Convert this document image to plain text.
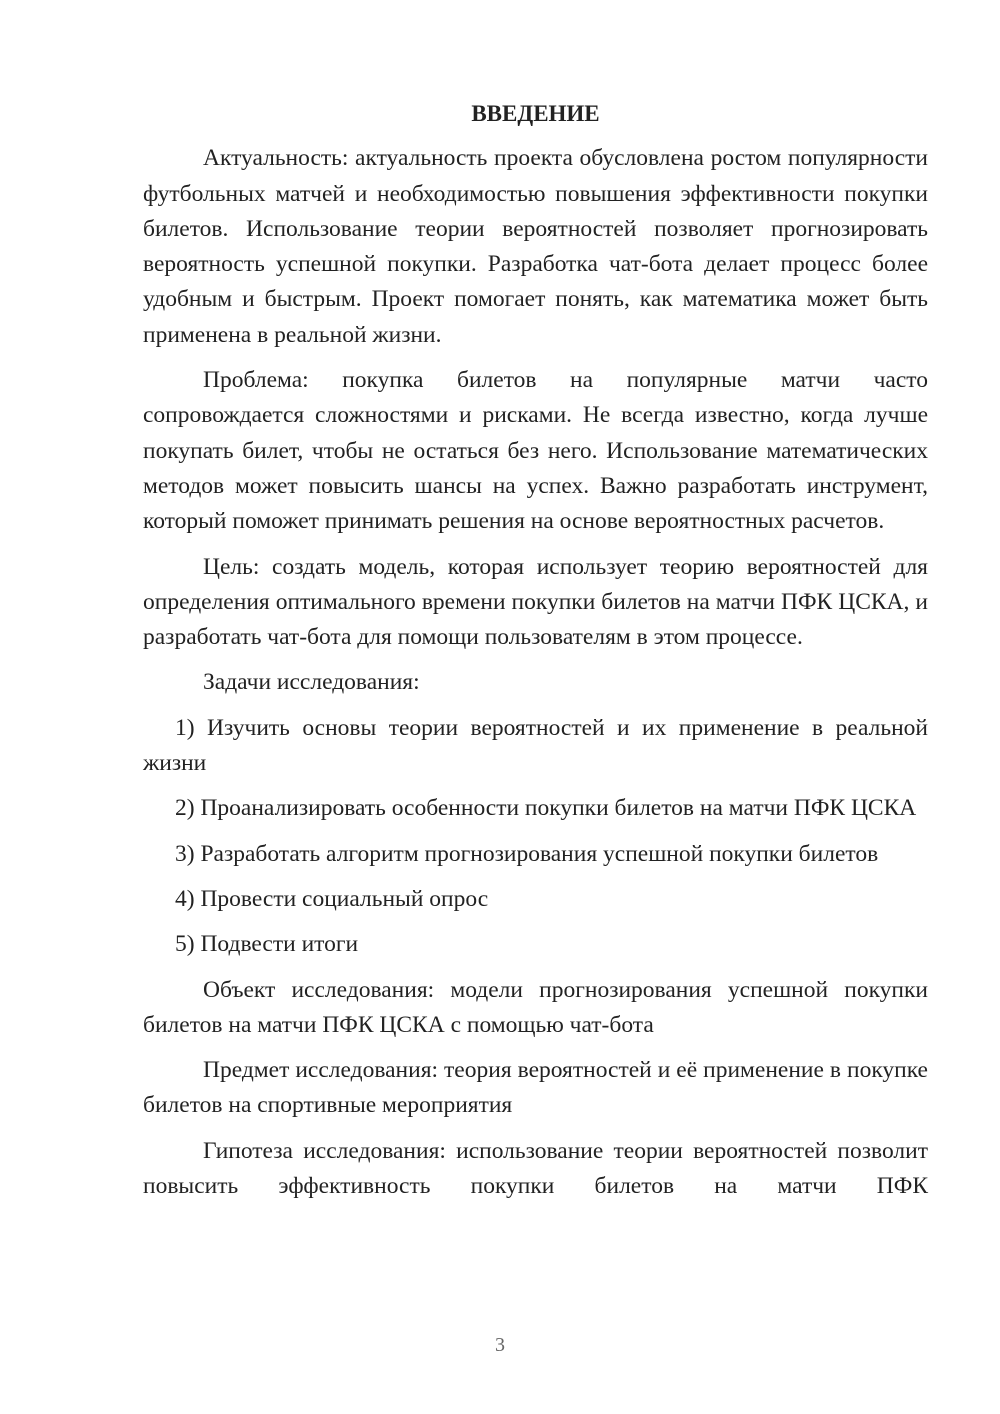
ВВЕДЕНИЕ

Актуальность: актуальность проекта обусловлена ростом популярности футбольных матчей и необходимостью повышения эффективности покупки билетов. Использование теории вероятностей позволяет прогнозировать вероятность успешной покупки. Разработка чат-бота делает процесс более удобным и быстрым. Проект помогает понять, как математика может быть применена в реальной жизни.

Проблема: покупка билетов на популярные матчи часто сопровождается сложностями и рисками. Не всегда известно, когда лучше покупать билет, чтобы не остаться без него. Использование математических методов может повысить шансы на успех. Важно разработать инструмент, который поможет принимать решения на основе вероятностных расчетов.

Цель: создать модель, которая использует теорию вероятностей для определения оптимального времени покупки билетов на матчи ПФК ЦСКА, и разработать чат-бота для помощи пользователям в этом процессе.

Задачи исследования:

1) Изучить основы теории вероятностей и их применение в реальной жизни

2) Проанализировать особенности покупки билетов на матчи ПФК ЦСКА

3) Разработать алгоритм прогнозирования успешной покупки билетов

4) Провести социальный опрос

5) Подвести итоги

Объект исследования: модели прогнозирования успешной покупки билетов на матчи ПФК ЦСКА с помощью чат-бота

Предмет исследования: теория вероятностей и её применение в покупке билетов на спортивные мероприятия

Гипотеза исследования: использование теории вероятностей позволит повысить эффективность покупки билетов на матчи ПФК

3
